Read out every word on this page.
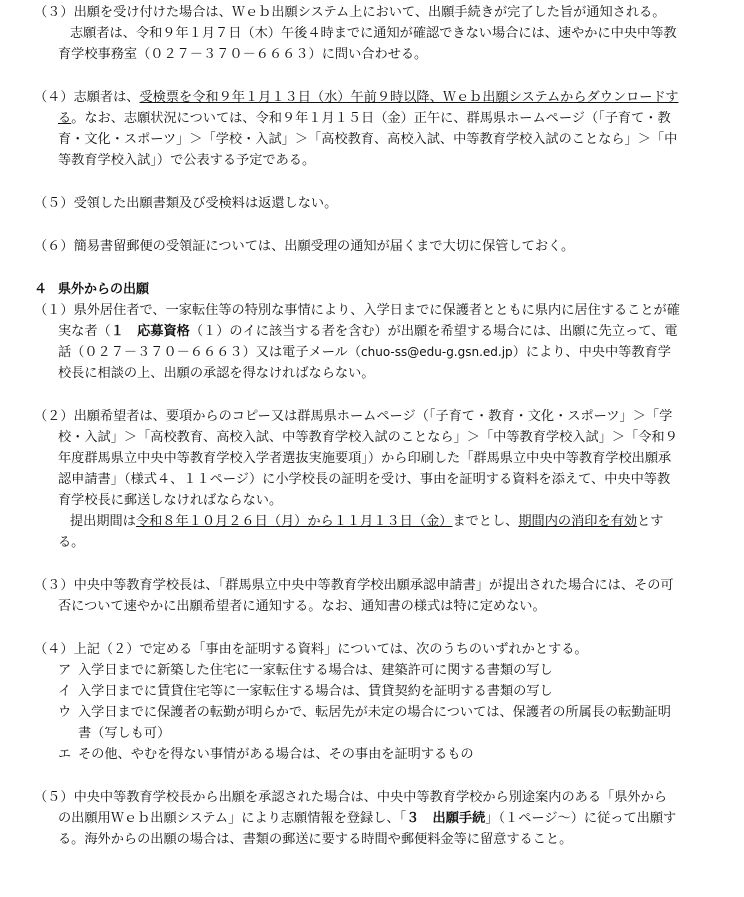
（３）出願を受け付けた場合は、Ｗｅｂ出願システム上において、出願手続きが完了した旨が通知される。
志願者は、令和９年１月７日（木）午後４時までに通知が確認できない場合には、速やかに中央中等教育学校事務室（０２７－３７０－６６６３）に問い合わせる。
（４）志願者は、受検票を令和９年１月１３日（水）午前９時以降、Ｗｅｂ出願システムからダウンロードする。なお、志願状況については、令和９年１月１５日（金）正午に、群馬県ホームページ（「子育て・教育・文化・スポーツ」＞「学校・入試」＞「高校教育、高校入試、中等教育学校入試のことなら」＞「中等教育学校入試」）で公表する予定である。
（５）受領した出願書類及び受検料は返還しない。
（６）簡易書留郵便の受領証については、出願受理の通知が届くまで大切に保管しておく。
４ 県外からの出願
（１）県外居住者で、一家転住等の特別な事情により、入学日までに保護者とともに県内に居住することが確実な者（１　応募資格（１）のイに該当する者を含む）が出願を希望する場合には、出願に先立って、電話（０２７－３７０－６６６３）又は電子メール（chuo-ss@edu-g.gsn.ed.jp）により、中央中等教育学校長に相談の上、出願の承認を得なければならない。
（２）出願希望者は、要項からのコピー又は群馬県ホームページ（「子育て・教育・文化・スポーツ」＞「学校・入試」＞「高校教育、高校入試、中等教育学校入試のことなら」＞「中等教育学校入試」＞「令和９年度群馬県立中央中等教育学校入学者選抜実施要項」）から印刷した「群馬県立中央中等教育学校出願承認申請書」（様式４、１１ページ）に小学校長の証明を受け、事由を証明する資料を添えて、中央中等教育学校長に郵送しなければならない。
提出期間は令和８年１０月２６日（月）から１１月１３日（金）までとし、期間内の消印を有効とする。
（３）中央中等教育学校長は、「群馬県立中央中等教育学校出願承認申請書」が提出された場合には、その可否について速やかに出願希望者に通知する。なお、通知書の様式は特に定めない。
（４）上記（２）で定める「事由を証明する資料」については、次のうちのいずれかとする。
ア 入学日までに新築した住宅に一家転住する場合は、建築許可に関する書類の写し
イ 入学日までに賃貸住宅等に一家転住する場合は、賃貸契約を証明する書類の写し
ウ 入学日までに保護者の転勤が明らかで、転居先が未定の場合については、保護者の所属長の転勤証明書（写しも可）
エ その他、やむを得ない事情がある場合は、その事由を証明するもの
（５）中央中等教育学校長から出願を承認された場合は、中央中等教育学校から別途案内のある「県外からの出願用Ｗｅｂ出願システム」により志願情報を登録し、「３　出願手続」（１ページ～）に従って出願する。海外からの出願の場合は、書類の郵送に要する時間や郵便料金等に留意すること。
